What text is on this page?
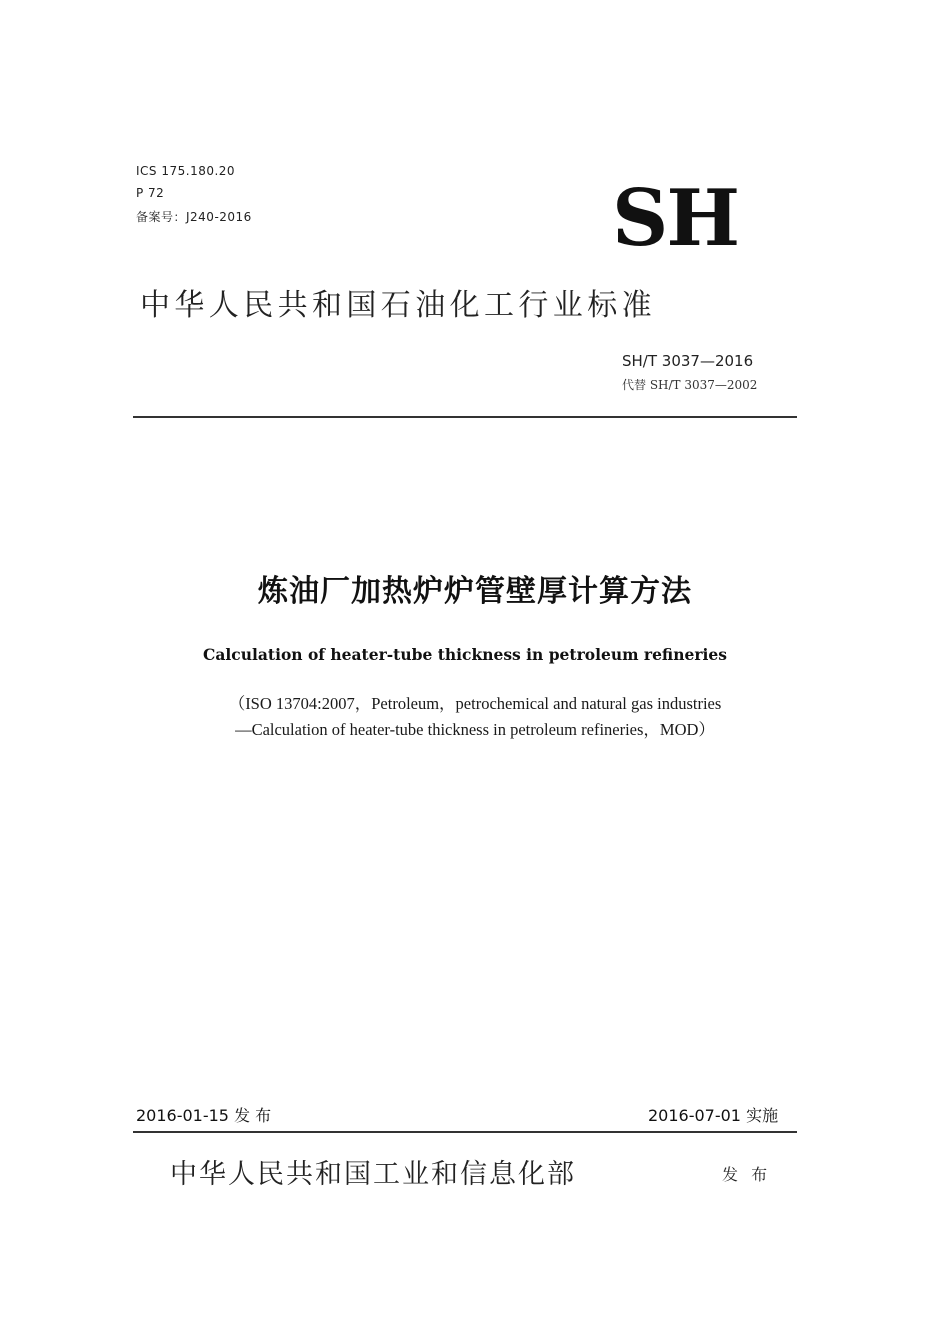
ICS 175.180.20
P 72
备案号：J240-2016	SH
中华人民共和国石油化工行业标准
SH/T 3037—2016
代替 SH/T 3037—2002
炼油厂加热炉炉管壁厚计算方法
Calculation of heater-tube thickness in petroleum refineries
（ISO 13704:2007，Petroleum，petrochemical and natural gas industries
—Calculation of heater-tube thickness in petroleum refineries，MOD）
2016-01-15 发 布	2016-07-01 实施
中华人民共和国工业和信息化部	发 布
